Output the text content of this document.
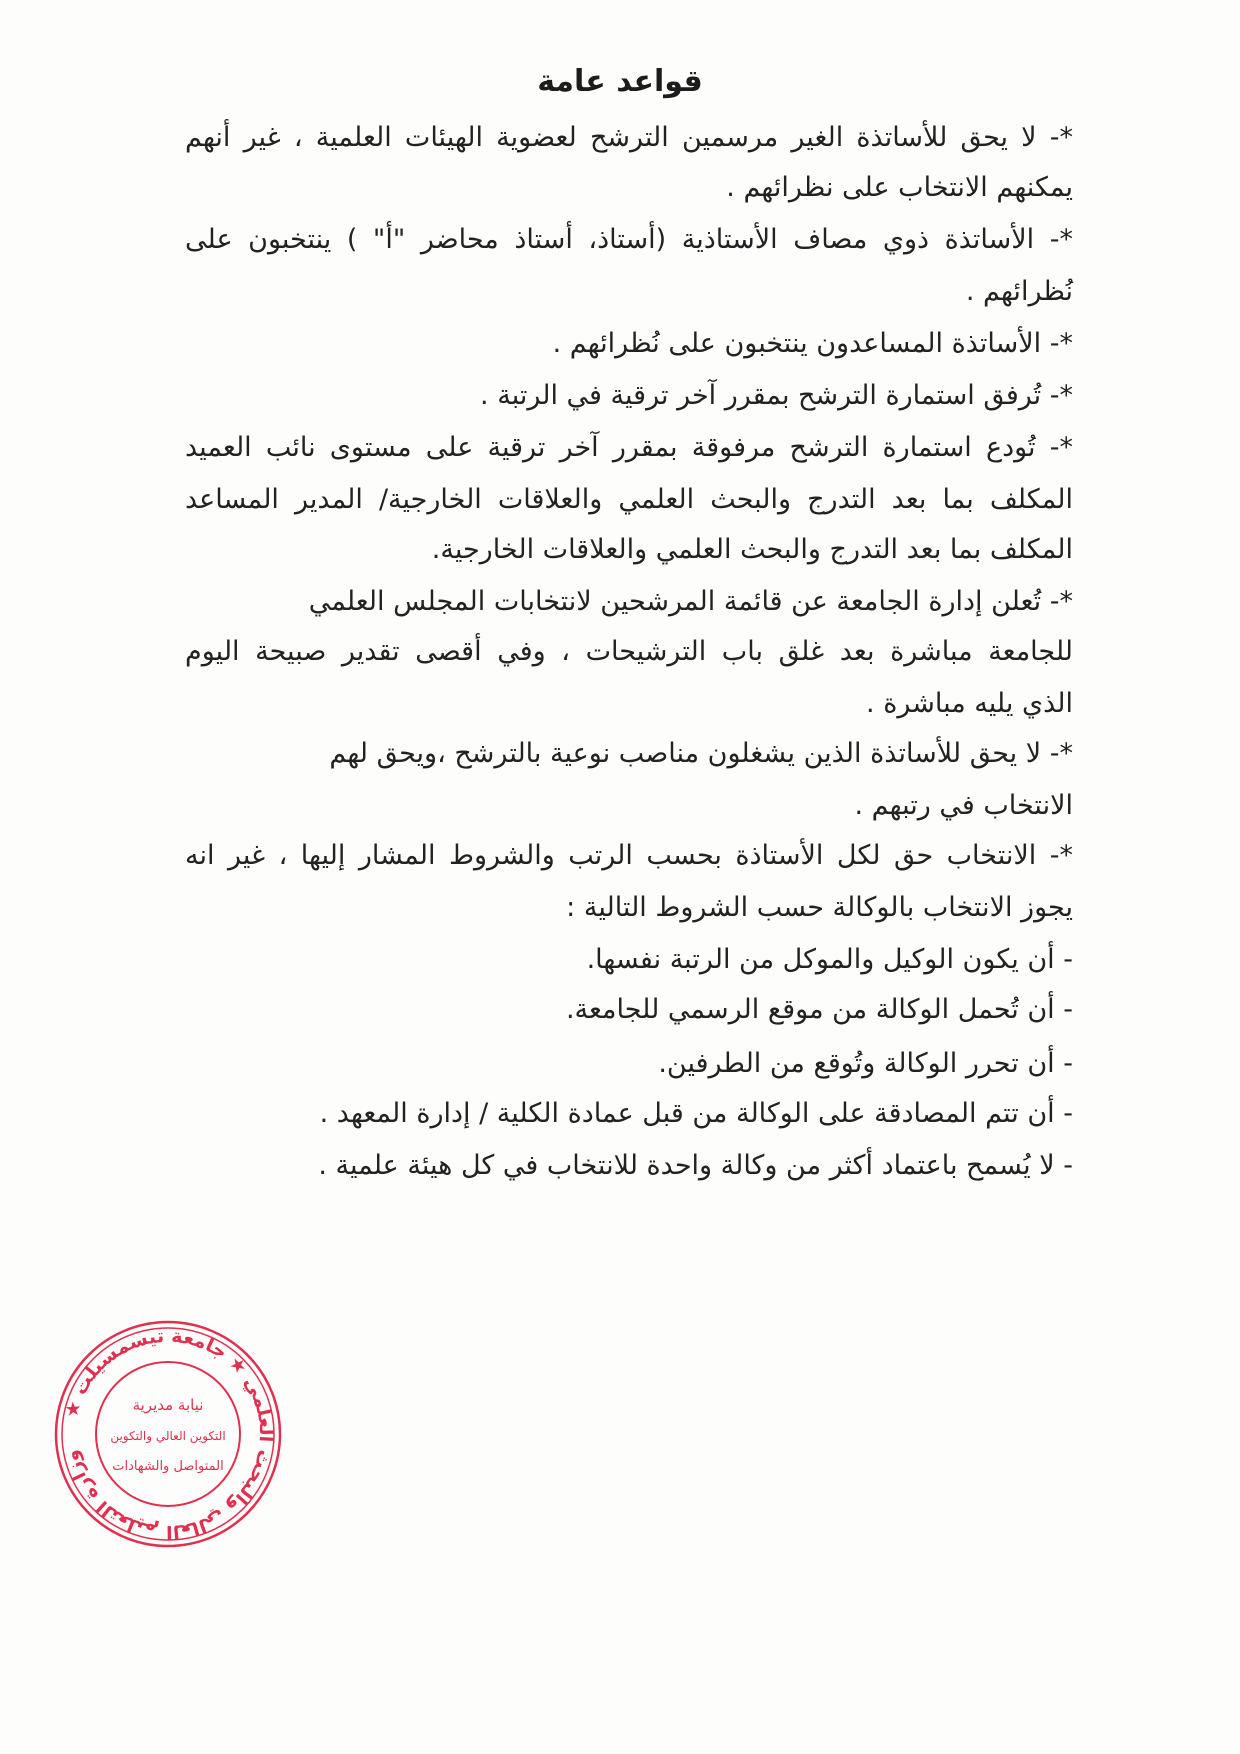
قواعد عامة
*- لا يحق للأساتذة الغير مرسمين الترشح لعضوية الهيئات العلمية ، غير أنهم
يمكنهم الانتخاب على نظرائهم .
*- الأساتذة ذوي مصاف الأستاذية (أستاذ، أستاذ محاضر "أ" ) ينتخبون على
نُظرائهم .
*- الأساتذة المساعدون ينتخبون على نُظرائهم .
*- تُرفق استمارة الترشح بمقرر آخر ترقية في الرتبة .
*- تُودع استمارة الترشح مرفوقة بمقرر آخر ترقية على مستوى نائب العميد
المكلف بما بعد التدرج والبحث العلمي والعلاقات الخارجية/ المدير المساعد
المكلف بما بعد التدرج والبحث العلمي والعلاقات الخارجية.
*- تُعلن إدارة الجامعة عن قائمة المرشحين لانتخابات المجلس العلمي
للجامعة مباشرة بعد غلق باب الترشيحات ، وفي أقصى تقدير صبيحة اليوم
الذي يليه مباشرة .
*- لا يحق للأساتذة الذين يشغلون مناصب نوعية بالترشح ،ويحق لهم
الانتخاب في رتبهم .
*- الانتخاب حق لكل الأستاذة بحسب الرتب والشروط المشار إليها ، غير انه
يجوز الانتخاب بالوكالة حسب الشروط التالية :
- أن يكون الوكيل والموكل من الرتبة نفسها.
- أن تُحمل الوكالة من موقع الرسمي للجامعة.
- أن تحرر الوكالة وتُوقع من الطرفين.
- أن تتم المصادقة على الوكالة من قبل عمادة الكلية / إدارة المعهد .
- لا يُسمح باعتماد أكثر من وكالة واحدة للانتخاب في كل هيئة علمية .
وزارة التعليم العالي والبحث العلمي ★ جامعة تيسمسيلت ★
نيابة مديرية
التكوين العالي والتكوين
المتواصل والشهادات
